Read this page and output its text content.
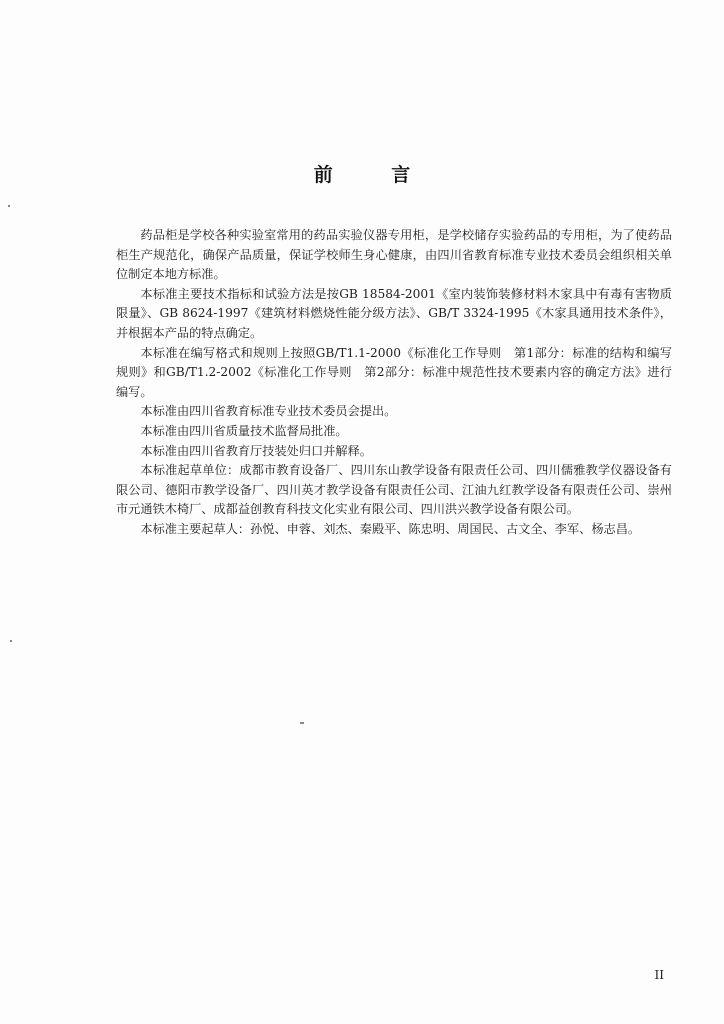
前 言

药品柜是学校各种实验室常用的药品实验仪器专用柜，是学校储存实验药品的专用柜，为了使药品柜生产规范化，确保产品质量，保证学校师生身心健康，由四川省教育标准专业技术委员会组织相关单位制定本地方标准。

本标准主要技术指标和试验方法是按GB 18584-2001《室内装饰装修材料木家具中有毒有害物质限量》、GB 8624-1997《建筑材料燃烧性能分级方法》、GB/T 3324-1995《木家具通用技术条件》，并根据本产品的特点确定。

本标准在编写格式和规则上按照GB/T1.1-2000《标准化工作导则　第1部分：标准的结构和编写规则》和GB/T1.2-2002《标准化工作导则　第2部分：标准中规范性技术要素内容的确定方法》进行编写。

本标准由四川省教育标准专业技术委员会提出。

本标准由四川省质量技术监督局批准。

本标准由四川省教育厅技装处归口并解释。

本标准起草单位：成都市教育设备厂、四川东山教学设备有限责任公司、四川儒雅教学仪器设备有限公司、德阳市教学设备厂、四川英才教学设备有限责任公司、江油九红教学设备有限责任公司、崇州市元通铁木椅厂、成都益创教育科技文化实业有限公司、四川洪兴教学设备有限公司。

本标准主要起草人：孙悦、申蓉、刘杰、秦殿平、陈忠明、周国民、古文全、李军、杨志昌。

II
